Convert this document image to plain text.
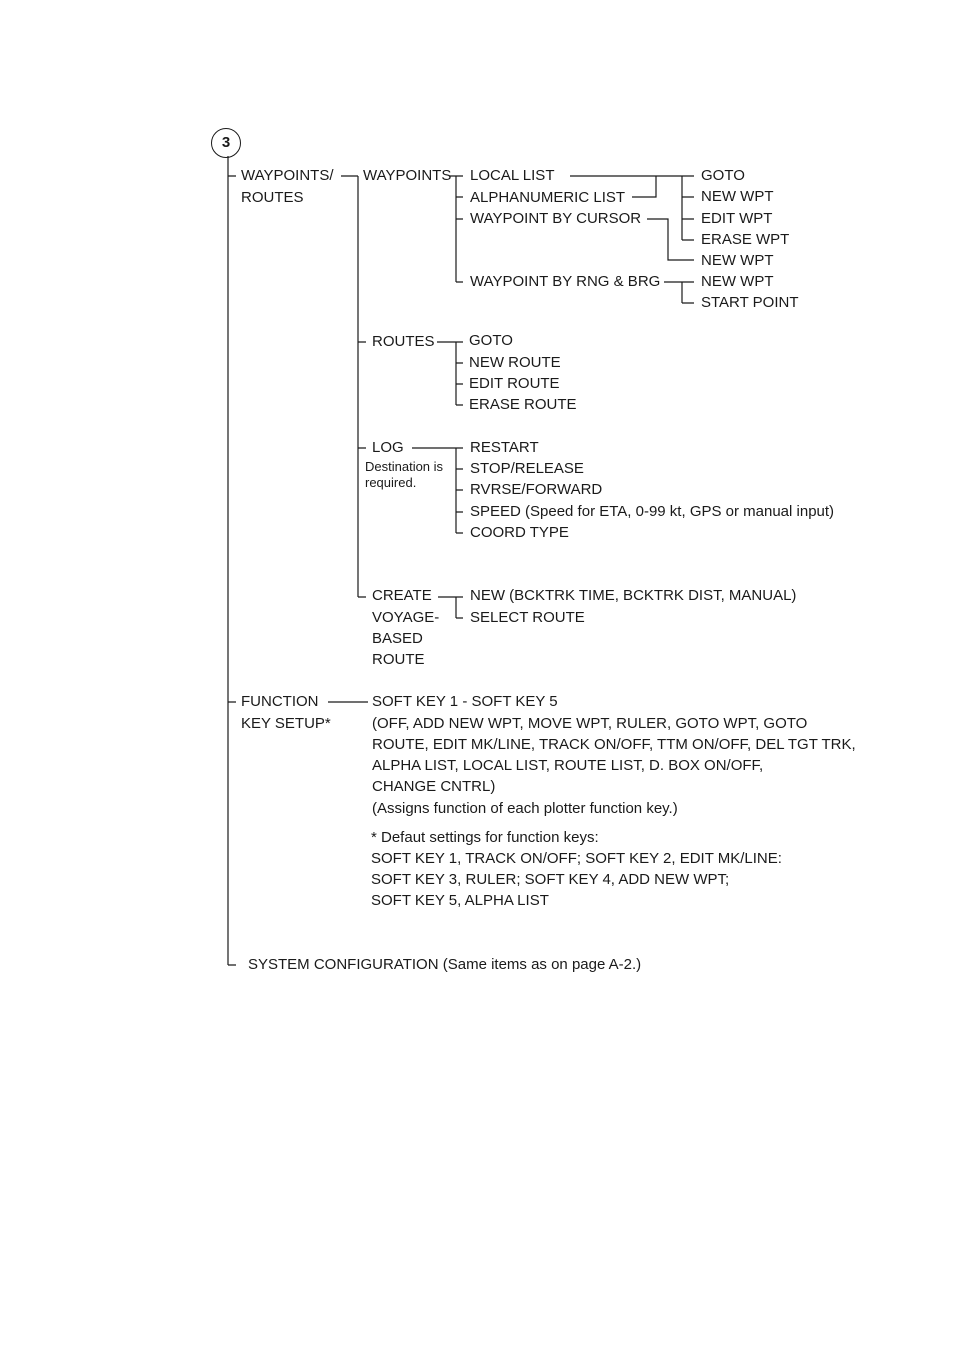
3
WAYPOINTS/
ROUTES
FUNCTION
KEY SETUP*
SYSTEM CONFIGURATION (Same items as on page A-2.)
WAYPOINTS
ROUTES
LOG
Destination is
required.
CREATE
VOYAGE-
BASED
ROUTE
LOCAL LIST
ALPHANUMERIC LIST
WAYPOINT BY CURSOR
WAYPOINT BY RNG & BRG
GOTO
NEW WPT
EDIT WPT
ERASE WPT
NEW WPT
NEW WPT
START POINT
GOTO
NEW ROUTE
EDIT ROUTE
ERASE ROUTE
RESTART
STOP/RELEASE
RVRSE/FORWARD
SPEED (Speed for ETA, 0-99 kt, GPS or manual input)
COORD TYPE
NEW (BCKTRK TIME, BCKTRK DIST, MANUAL)
SELECT ROUTE
SOFT KEY 1 - SOFT KEY 5
(OFF, ADD NEW WPT, MOVE WPT, RULER, GOTO WPT, GOTO
ROUTE, EDIT MK/LINE, TRACK ON/OFF, TTM ON/OFF, DEL TGT TRK,
ALPHA LIST, LOCAL LIST, ROUTE LIST, D. BOX ON/OFF,
CHANGE CNTRL)
(Assigns function of each plotter function key.)
* Defaut settings for function keys:
SOFT KEY 1, TRACK ON/OFF; SOFT KEY 2, EDIT MK/LINE:
SOFT KEY 3, RULER; SOFT KEY 4, ADD NEW WPT;
SOFT KEY 5, ALPHA LIST
